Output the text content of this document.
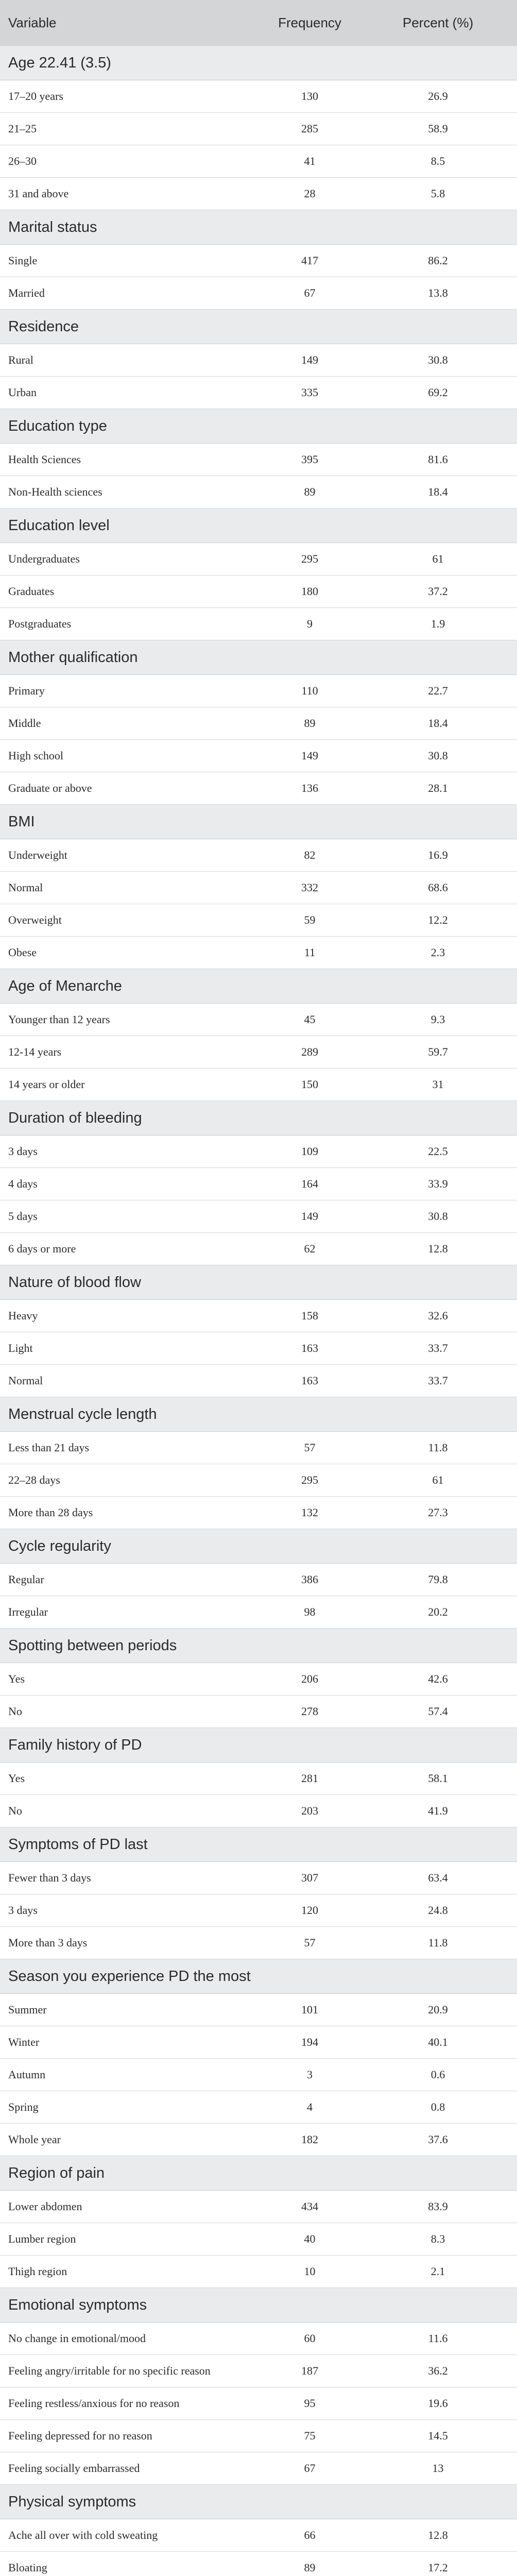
Variable	Frequency	Percent (%)
Age 22.41 (3.5)		
17–20 years	130	26.9
21–25	285	58.9
26–30	41	8.5
31 and above	28	5.8
Marital status		
Single	417	86.2
Married	67	13.8
Residence		
Rural	149	30.8
Urban	335	69.2
Education type		
Health Sciences	395	81.6
Non-Health sciences	89	18.4
Education level		
Undergraduates	295	61
Graduates	180	37.2
Postgraduates	9	1.9
Mother qualification		
Primary	110	22.7
Middle	89	18.4
High school	149	30.8
Graduate or above	136	28.1
BMI		
Underweight	82	16.9
Normal	332	68.6
Overweight	59	12.2
Obese	11	2.3
Age of Menarche		
Younger than 12 years	45	9.3
12-14 years	289	59.7
14 years or older	150	31
Duration of bleeding		
3 days	109	22.5
4 days	164	33.9
5 days	149	30.8
6 days or more	62	12.8
Nature of blood flow		
Heavy	158	32.6
Light	163	33.7
Normal	163	33.7
Menstrual cycle length		
Less than 21 days	57	11.8
22–28 days	295	61
More than 28 days	132	27.3
Cycle regularity		
Regular	386	79.8
Irregular	98	20.2
Spotting between periods		
Yes	206	42.6
No	278	57.4
Family history of PD		
Yes	281	58.1
No	203	41.9
Symptoms of PD last		
Fewer than 3 days	307	63.4
3 days	120	24.8
More than 3 days	57	11.8
Season you experience PD the most		
Summer	101	20.9
Winter	194	40.1
Autumn	3	0.6
Spring	4	0.8
Whole year	182	37.6
Region of pain		
Lower abdomen	434	83.9
Lumber region	40	8.3
Thigh region	10	2.1
Emotional symptoms		
No change in emotional/mood	60	11.6
Feeling angry/irritable for no specific reason	187	36.2
Feeling restless/anxious for no reason	95	19.6
Feeling depressed for no reason	75	14.5
Feeling socially embarrassed	67	13
Physical symptoms		
Ache all over with cold sweating	66	12.8
Bloating	89	17.2
